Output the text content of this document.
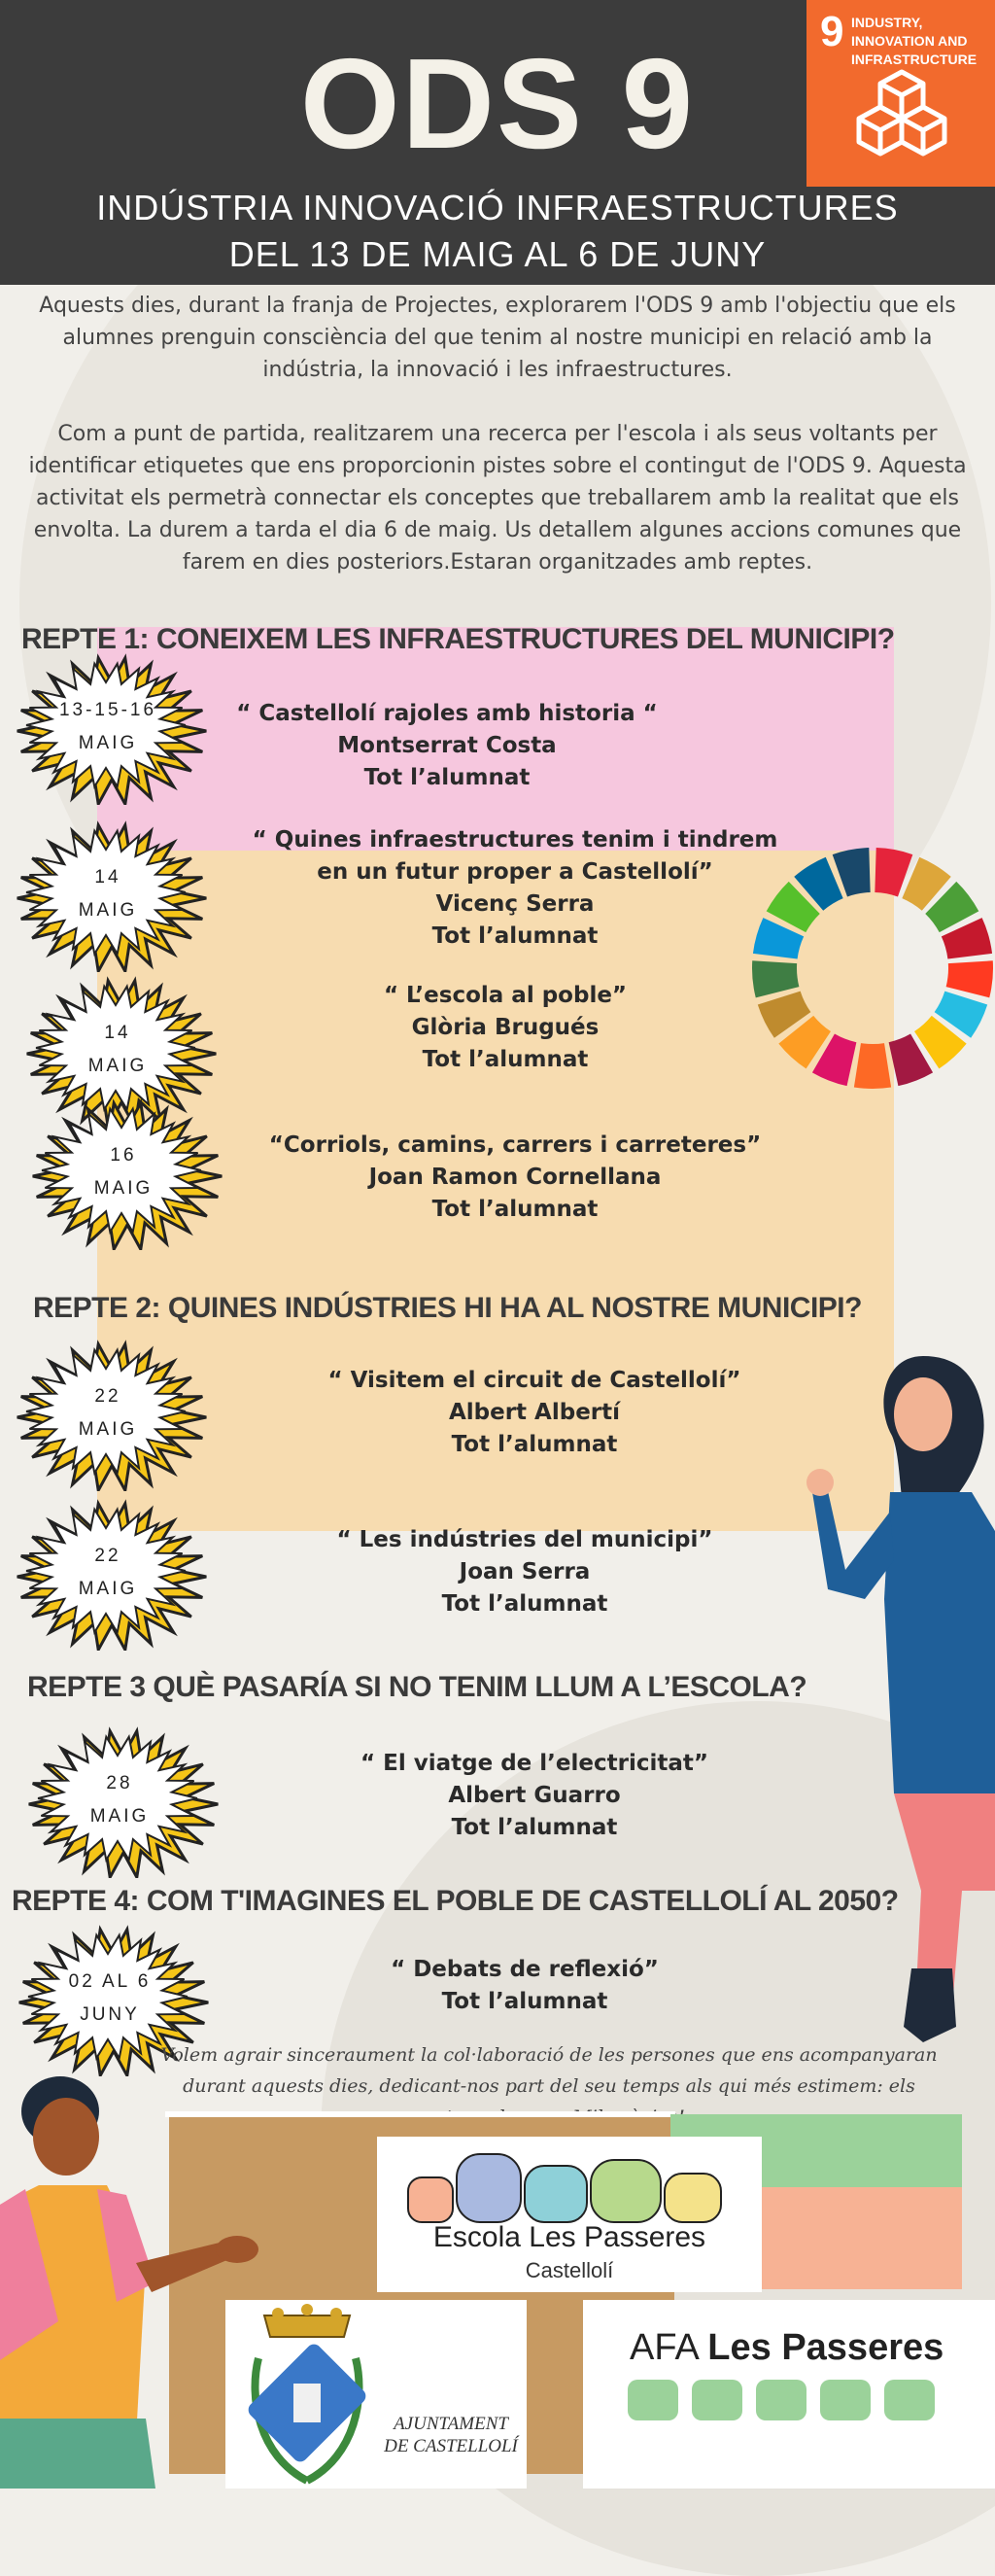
ODS 9
INDÚSTRIA INNOVACIÓ INFRAESTRUCTURES
DEL 13 DE MAIG AL 6 DE JUNY
9 INDUSTRY, INNOVATION AND INFRASTRUCTURE

Aquests dies, durant la franja de Projectes, explorarem l'ODS 9 amb l'objectiu que els alumnes prenguin consciència del que tenim al nostre municipi en relació amb la indústria, la innovació i les infraestructures.

Com a punt de partida, realitzarem una recerca per l'escola i als seus voltants per identificar etiquetes que ens proporcionin pistes sobre el contingut de l'ODS 9. Aquesta activitat els permetrà connectar els conceptes que treballarem amb la realitat que els envolta. La durem a tarda el dia 6 de maig. Us detallem algunes accions comunes que farem en dies posteriors.Estaran organitzades amb reptes.

REPTE 1: CONEIXEM LES INFRAESTRUCTURES DEL MUNICIPI?
13-15-16
MAIG
“ Castellolí rajoles amb historia “
Montserrat Costa
Tot l’alumnat
14
MAIG
“ Quines infraestructures tenim i tindrem en un futur proper a Castellolí”
Vicenç Serra
Tot l’alumnat
14
MAIG
“ L’escola al poble”
Glòria Brugués
Tot l’alumnat
16
MAIG
“Corriols, camins, carrers i carreteres”
Joan Ramon Cornellana
Tot l’alumnat
REPTE 2: QUINES INDÚSTRIES HI HA AL NOSTRE MUNICIPI?
22
MAIG
“ Visitem el circuit de Castellolí”
Albert Albertí
Tot l’alumnat
22
MAIG
“ Les indústries del municipi”
Joan Serra
Tot l’alumnat
REPTE 3 QUÈ PASARÍA SI NO TENIM LLUM A L’ESCOLA?
28
MAIG
“ El viatge de l’electricitat”
Albert Guarro
Tot l’alumnat
REPTE 4: COM T'IMAGINES EL POBLE DE CASTELLOLÍ AL 2050?
02 AL 6
JUNY
“ Debats de reflexió”
Tot l’alumnat
Volem agrair sinceraument la col·laboració de les persones que ens acompanyaran durant aquests dies, dedicant-nos part del seu temps als qui més estimem: els
Escola Les Passeres
Castellolí
AJUNTAMENT
DE CASTELLOLÍ
AFA Les Passeres
